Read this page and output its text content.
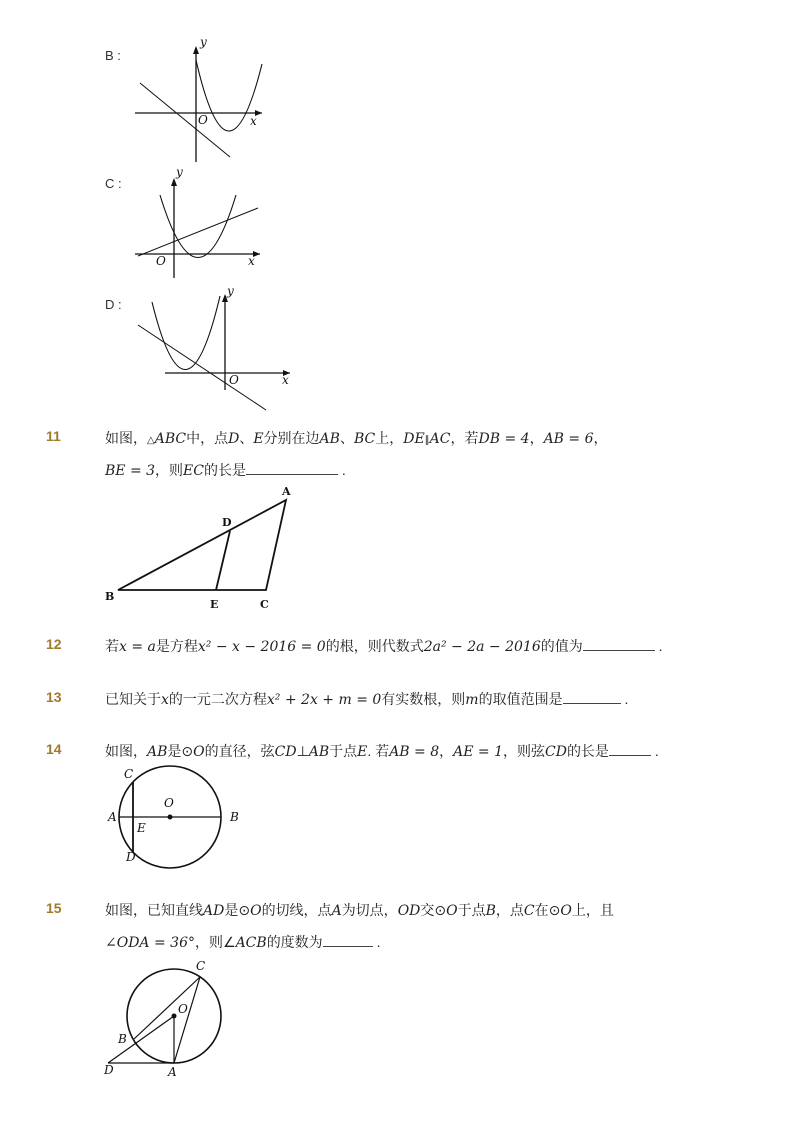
B :
y
x
O
C :
y
x
O
D :
y
x
O
11	如图，△ABC中，点D、E分别在边AB、BC上，DE∥AC，若DB = 4，AB = 6，
BE = 3，则EC的长是	.
A
B
C
D
E
12	若x = a是方程x² − x − 2016 = 0的根，则代数式2a² − 2a − 2016的值为	.
13	已知关于x的一元二次方程x² + 2x + m = 0有实数根，则m的取值范围是	.
14	如图，AB是⊙O的直径，弦CD⊥AB于点E. 若AB = 8，AE = 1，则弦CD的长是	.
A	B
C
D
E
O
15	如图，已知直线AD是⊙O的切线，点A为切点，OD交⊙O于点B，点C在⊙O上，且
∠ODA = 36°，则∠ACB的度数为	.
A
B
C
D
O
